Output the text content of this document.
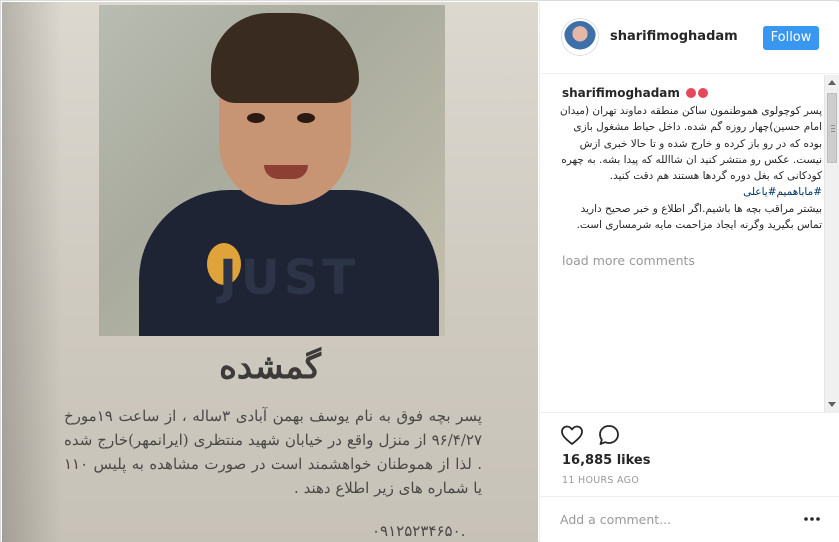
JUST
گمشده
پسر بچه فوق به نام یوسف بهمن آبادی ۳ساله ، از ساعت ۱۹مورخ ۹۶/۴/۲۷ از منزل واقع در خیابان شهید منتظری (ایرانمهر)خارج شده . لذا از هموطنان خواهشمند است در صورت مشاهده به پلیس ۱۱۰ یا شماره های زیر اطلاع دهند .
۰۹۱۲۵۲۳۴۶۵۰.
sharifimoghadam	Follow
sharifimoghadam
پسر کوچولوی هموطنمون ساکن منطقه دماوند تهران (میدان امام حسین)چهار روزه گم شده. داخل حیاط مشغول بازی بوده که در رو باز کرده و خارج شده و تا حالا خبری ازش نیست. عکس رو منتشر کنید ان شاالله که پیدا بشه. به چهره کودکانی که بغل دوره گردها هستند هم دقت کنید. #ماباهمیم#یاعلی
بیشتر مراقب بچه ها باشیم.اگر اطلاع و خبر صحیح دارید تماس بگیرید وگرنه ایجاد مزاحمت مایه شرمساری است.
load more comments
16,885 likes
11 HOURS AGO
Add a comment...
